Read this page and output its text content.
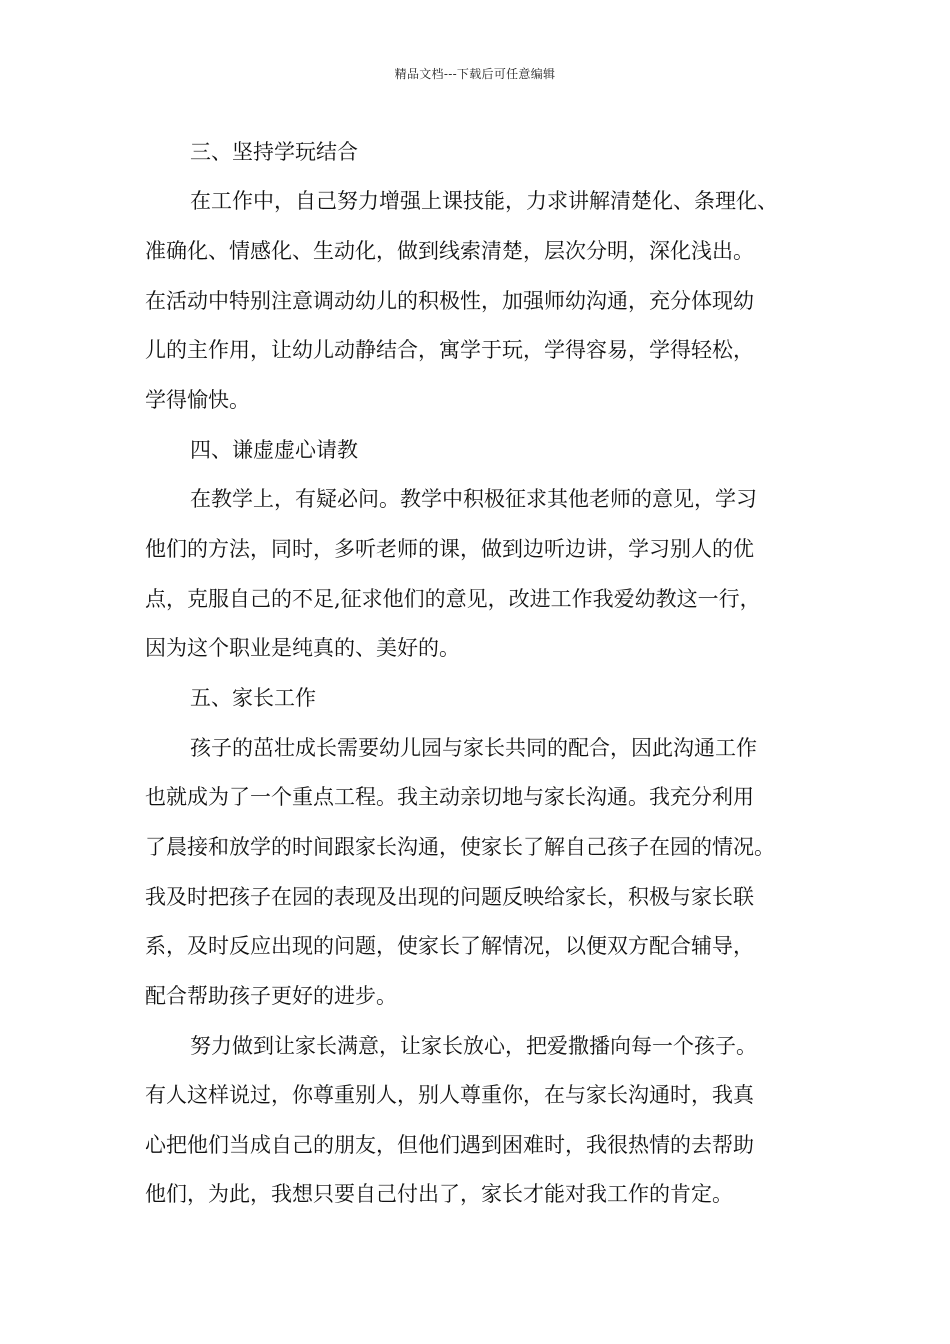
精品文档---下载后可任意编辑
三、坚持学玩结合
在工作中，自己努力增强上课技能，力求讲解清楚化、条理化、
准确化、情感化、生动化，做到线索清楚，层次分明，深化浅出。
在活动中特别注意调动幼儿的积极性，加强师幼沟通，充分体现幼
儿的主作用，让幼儿动静结合，寓学于玩，学得容易，学得轻松，
学得愉快。
四、谦虚虚心请教
在教学上，有疑必问。教学中积极征求其他老师的意见，学习
他们的方法，同时，多听老师的课，做到边听边讲，学习别人的优
点，克服自己的不足,征求他们的意见，改进工作我爱幼教这一行，
因为这个职业是纯真的、美好的。
五、家长工作
孩子的茁壮成长需要幼儿园与家长共同的配合，因此沟通工作
也就成为了一个重点工程。我主动亲切地与家长沟通。我充分利用
了晨接和放学的时间跟家长沟通，使家长了解自己孩子在园的情况。
我及时把孩子在园的表现及出现的问题反映给家长，积极与家长联
系，及时反应出现的问题，使家长了解情况，以便双方配合辅导，
配合帮助孩子更好的进步。
努力做到让家长满意，让家长放心，把爱撒播向每一个孩子。
有人这样说过，你尊重别人，别人尊重你，在与家长沟通时，我真
心把他们当成自己的朋友，但他们遇到困难时，我很热情的去帮助
他们，为此，我想只要自己付出了，家长才能对我工作的肯定。
